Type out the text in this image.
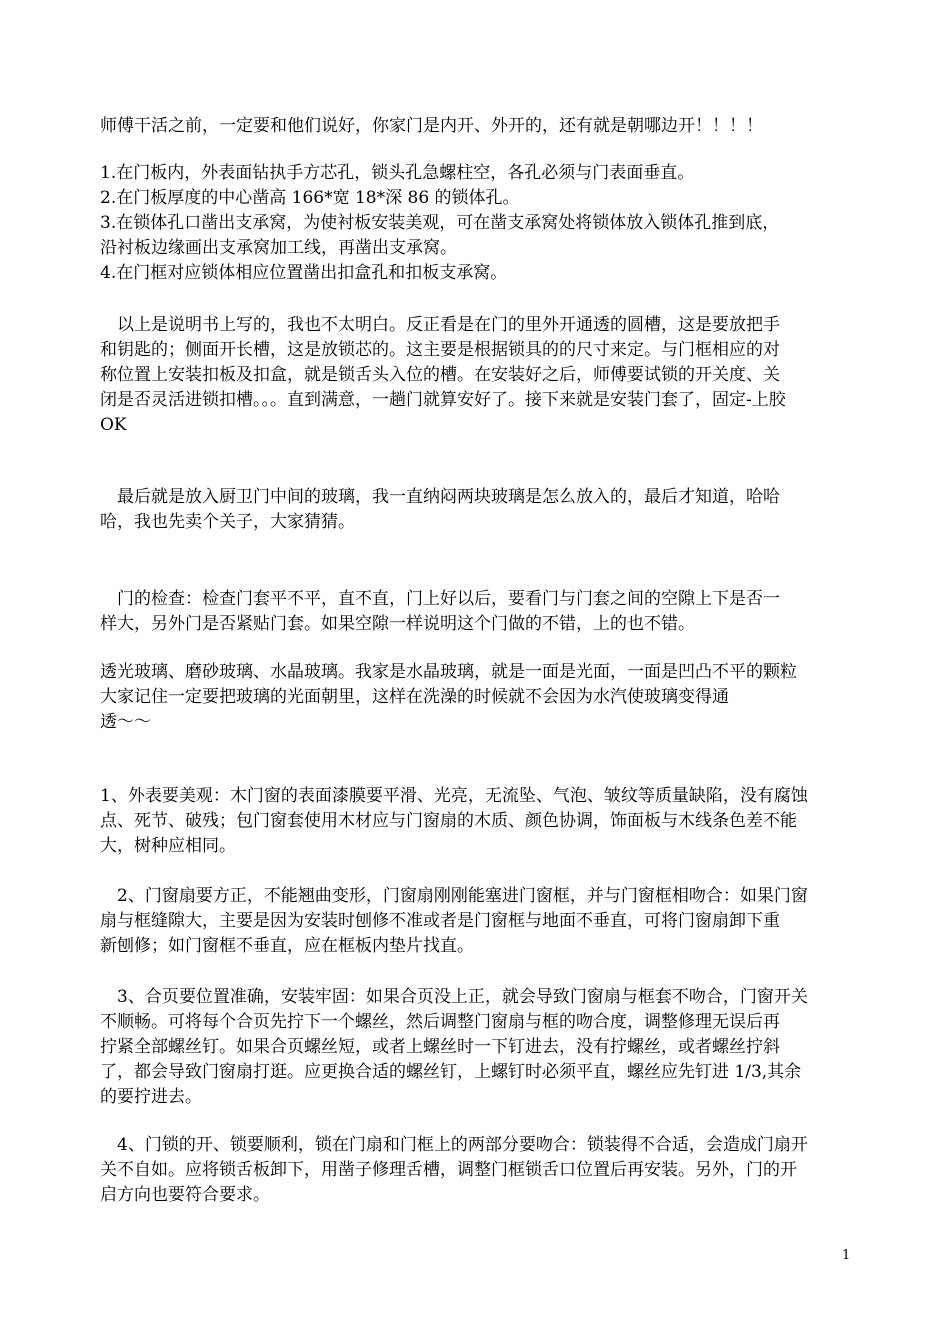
师傅干活之前，一定要和他们说好，你家门是内开、外开的，还有就是朝哪边开！！！！

1.在门板内，外表面钻执手方芯孔，锁头孔急螺柱空，各孔必须与门表面垂直。
2.在门板厚度的中心凿高 166*宽 18*深 86 的锁体孔。
3.在锁体孔口凿出支承窝，为使衬板安装美观，可在凿支承窝处将锁体放入锁体孔推到底，
沿衬板边缘画出支承窝加工线，再凿出支承窝。
4.在门框对应锁体相应位置凿出扣盒孔和扣板支承窝。

　以上是说明书上写的，我也不太明白。反正看是在门的里外开通透的圆槽，这是要放把手
和钥匙的；侧面开长槽，这是放锁芯的。这主要是根据锁具的的尺寸来定。与门框相应的对
称位置上安装扣板及扣盒，就是锁舌头入位的槽。在安装好之后，师傅要试锁的开关度、关
闭是否灵活进锁扣槽。。。直到满意，一趟门就算安好了。接下来就是安装门套了，固定-上胶
OK

　最后就是放入厨卫门中间的玻璃，我一直纳闷两块玻璃是怎么放入的，最后才知道，哈哈
哈，我也先卖个关子，大家猜猜。

　门的检查：检查门套平不平，直不直，门上好以后，要看门与门套之间的空隙上下是否一
样大，另外门是否紧贴门套。如果空隙一样说明这个门做的不错，上的也不错。

透光玻璃、磨砂玻璃、水晶玻璃。我家是水晶玻璃，就是一面是光面，一面是凹凸不平的颗粒
大家记住一定要把玻璃的光面朝里，这样在洗澡的时候就不会因为水汽使玻璃变得通
透～～

1、外表要美观：木门窗的表面漆膜要平滑、光亮，无流坠、气泡、皱纹等质量缺陷，没有腐蚀
点、死节、破残；包门窗套使用木材应与门窗扇的木质、颜色协调，饰面板与木线条色差不能
大，树种应相同。

　2、门窗扇要方正，不能翘曲变形，门窗扇刚刚能塞进门窗框，并与门窗框相吻合：如果门窗
扇与框缝隙大，主要是因为安装时刨修不准或者是门窗框与地面不垂直，可将门窗扇卸下重
新刨修；如门窗框不垂直，应在框板内垫片找直。

　3、合页要位置准确，安装牢固：如果合页没上正，就会导致门窗扇与框套不吻合，门窗开关
不顺畅。可将每个合页先拧下一个螺丝，然后调整门窗扇与框的吻合度，调整修理无误后再
拧紧全部螺丝钉。如果合页螺丝短，或者上螺丝时一下钉进去，没有拧螺丝，或者螺丝拧斜
了，都会导致门窗扇打逛。应更换合适的螺丝钉，上螺钉时必须平直，螺丝应先钉进 1/3,其余
的要拧进去。

　4、门锁的开、锁要顺利，锁在门扇和门框上的两部分要吻合：锁装得不合适，会造成门扇开
关不自如。应将锁舌板卸下，用凿子修理舌槽，调整门框锁舌口位置后再安装。另外，门的开
启方向也要符合要求。

1
